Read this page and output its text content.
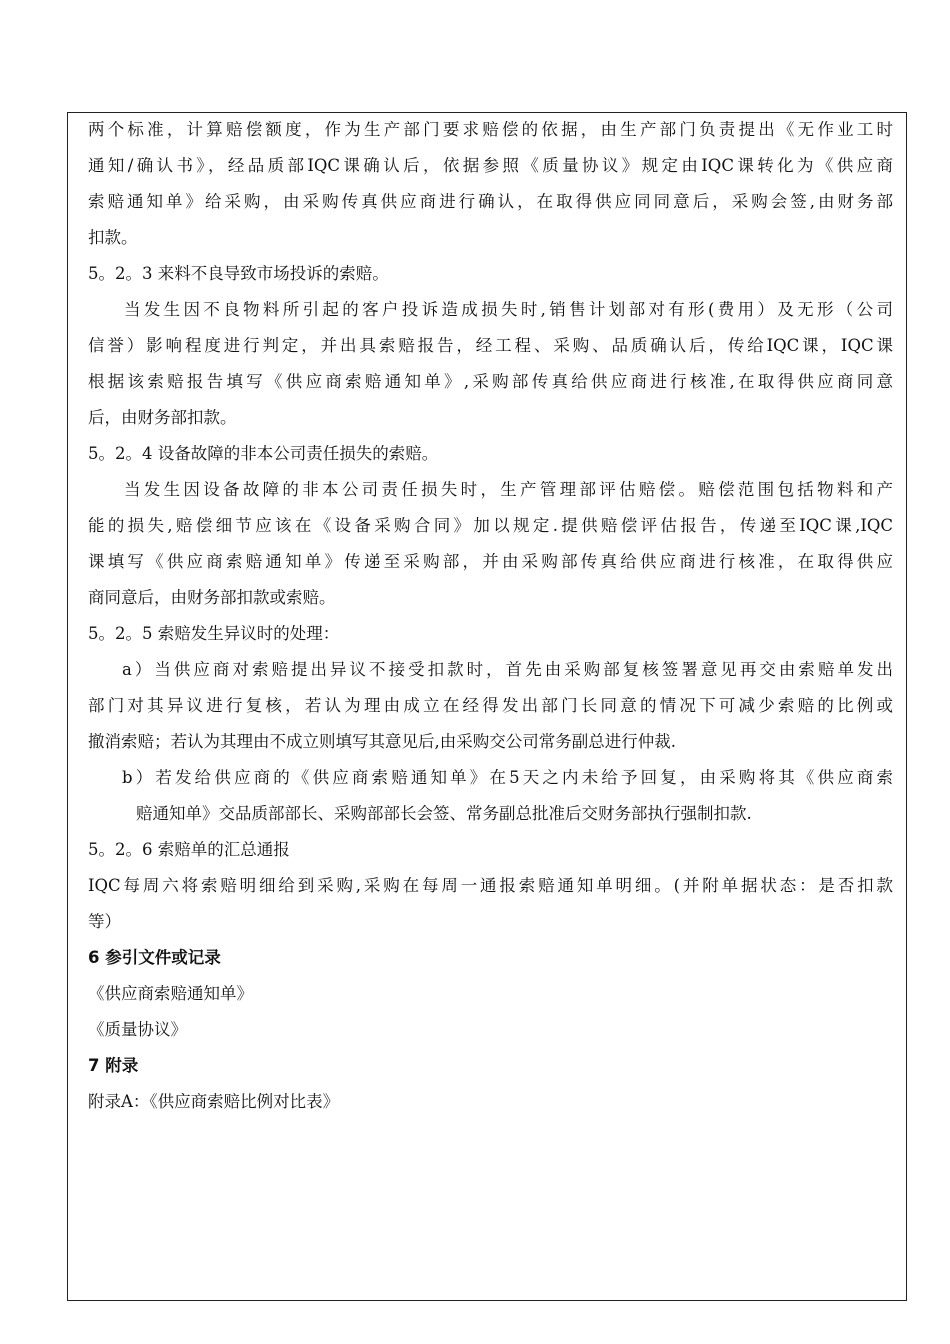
两个标准，计算赔偿额度，作为生产部门要求赔偿的依据，由生产部门负责提出《无作业工时
通知/确认书》，经品质部IQC课确认后，依据参照《质量协议》规定由IQC课转化为《供应商
索赔通知单》给采购，由采购传真供应商进行确认，在取得供应同同意后，采购会签,由财务部
扣款。
5。2。3 来料不良导致市场投诉的索赔。
当发生因不良物料所引起的客户投诉造成损失时,销售计划部对有形(费用）及无形（公司
信誉）影响程度进行判定，并出具索赔报告，经工程、采购、品质确认后，传给IQC课，IQC课
根据该索赔报告填写《供应商索赔通知单》,采购部传真给供应商进行核准,在取得供应商同意
后，由财务部扣款。
5。2。4 设备故障的非本公司责任损失的索赔。
当发生因设备故障的非本公司责任损失时，生产管理部评估赔偿。赔偿范围包括物料和产
能的损失,赔偿细节应该在《设备采购合同》加以规定.提供赔偿评估报告，传递至IQC课,IQC
课填写《供应商索赔通知单》传递至采购部，并由采购部传真给供应商进行核准，在取得供应
商同意后，由财务部扣款或索赔。
5。2。5 索赔发生异议时的处理：
a）当供应商对索赔提出异议不接受扣款时，首先由采购部复核签署意见再交由索赔单发出
部门对其异议进行复核，若认为理由成立在经得发出部门长同意的情况下可减少索赔的比例或
撤消索赔；若认为其理由不成立则填写其意见后,由采购交公司常务副总进行仲裁.
b）若发给供应商的《供应商索赔通知单》在5天之内未给予回复，由采购将其《供应商索
赔通知单》交品质部部长、采购部部长会签、常务副总批准后交财务部执行强制扣款.
5。2。6 索赔单的汇总通报
IQC每周六将索赔明细给到采购,采购在每周一通报索赔通知单明细。(并附单据状态：是否扣款
等）
6 参引文件或记录
《供应商索赔通知单》
《质量协议》
7 附录
附录A：《供应商索赔比例对比表》
